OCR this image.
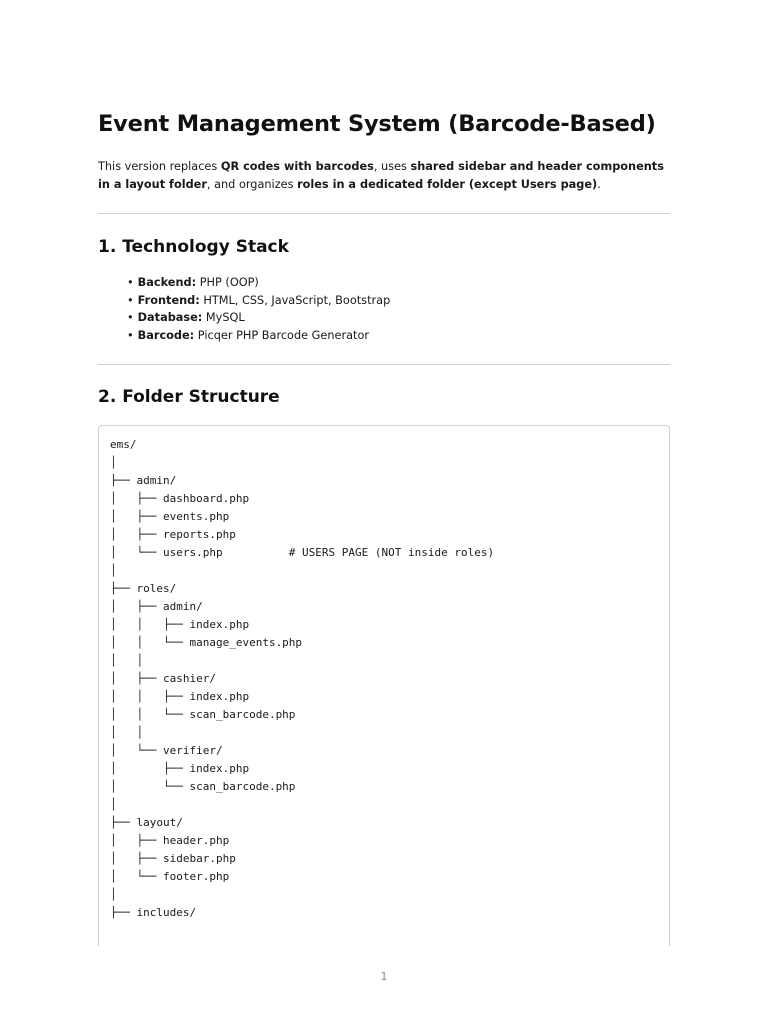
Event Management System (Barcode-Based)

This version replaces QR codes with barcodes, uses shared sidebar and header components in a layout folder, and organizes roles in a dedicated folder (except Users page).

1. Technology Stack
• Backend: PHP (OOP)
• Frontend: HTML, CSS, JavaScript, Bootstrap
• Database: MySQL
• Barcode: Picqer PHP Barcode Generator
2. Folder Structure
ems/
│
├── admin/
│   ├── dashboard.php
│   ├── events.php
│   ├── reports.php
│   └── users.php          # USERS PAGE (NOT inside roles)
│
├── roles/
│   ├── admin/
│   │   ├── index.php
│   │   └── manage_events.php
│   │
│   ├── cashier/
│   │   ├── index.php
│   │   └── scan_barcode.php
│   │
│   └── verifier/
│       ├── index.php
│       └── scan_barcode.php
│
├── layout/
│   ├── header.php
│   ├── sidebar.php
│   └── footer.php
│
├── includes/
1
